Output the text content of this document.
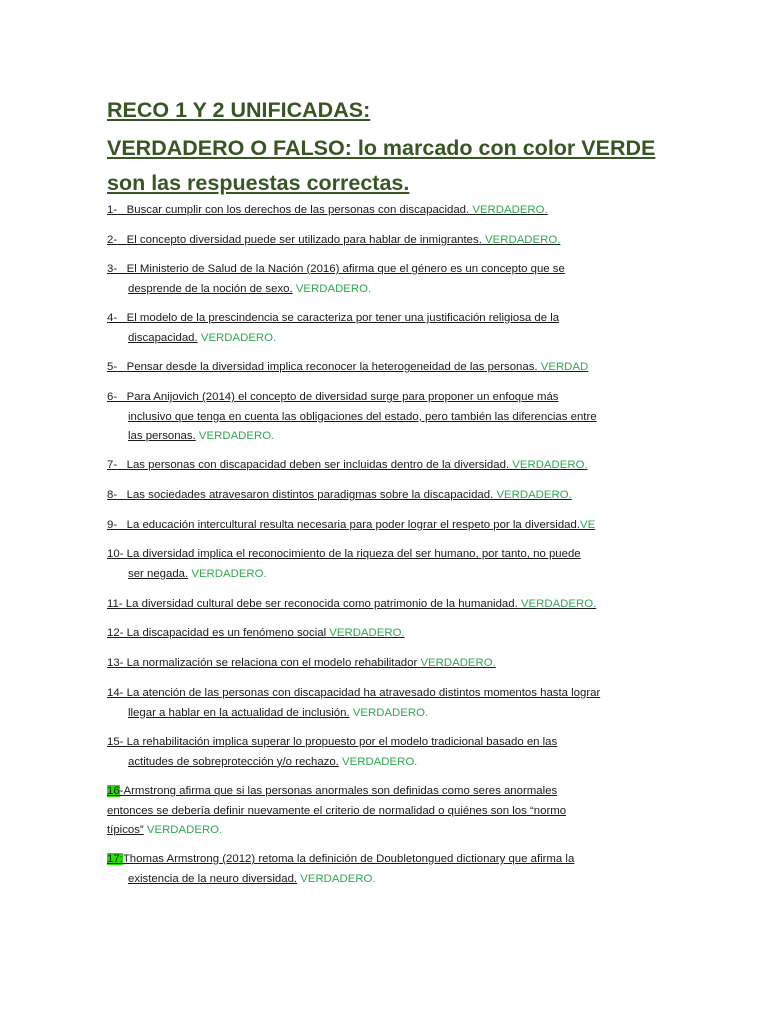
RECO 1 Y 2 UNIFICADAS:
VERDADERO O FALSO: lo marcado con color VERDE
son las respuestas correctas.
1- Buscar cumplir con los derechos de las personas con discapacidad. VERDADERO.
2- El concepto diversidad puede ser utilizado para hablar de inmigrantes. VERDADERO.
3- El Ministerio de Salud de la Nación (2016) afirma que el género es un concepto que se
desprende de la noción de sexo. VERDADERO.
4- El modelo de la prescindencia se caracteriza por tener una justificación religiosa de la
discapacidad. VERDADERO.
5- Pensar desde la diversidad implica reconocer la heterogeneidad de las personas. VERDAD
6- Para Anijovich (2014) el concepto de diversidad surge para proponer un enfoque más
inclusivo que tenga en cuenta las obligaciones del estado, pero también las diferencias entre
las personas. VERDADERO.
7- Las personas con discapacidad deben ser incluidas dentro de la diversidad. VERDADERO.
8- Las sociedades atravesaron distintos paradigmas sobre la discapacidad. VERDADERO.
9- La educación intercultural resulta necesaria para poder lograr el respeto por la diversidad.VE
10- La diversidad implica el reconocimiento de la riqueza del ser humano, por tanto, no puede
ser negada. VERDADERO.
11- La diversidad cultural debe ser reconocida como patrimonio de la humanidad. VERDADERO.
12- La discapacidad es un fenómeno social VERDADERO.
13- La normalización se relaciona con el modelo rehabilitador VERDADERO.
14- La atención de las personas con discapacidad ha atravesado distintos momentos hasta lograr
llegar a hablar en la actualidad de inclusión. VERDADERO.
15- La rehabilitación implica superar lo propuesto por el modelo tradicional basado en las
actitudes de sobreprotección y/o rechazo. VERDADERO.
16-Armstrong afirma que si las personas anormales son definidas como seres anormales
entonces se debería definir nuevamente el criterio de normalidad o quiénes son los “normo
típicos” VERDADERO.
17:Thomas Armstrong (2012) retoma la definición de Doubletongued dictionary que afirma la
existencia de la neuro diversidad. VERDADERO.
